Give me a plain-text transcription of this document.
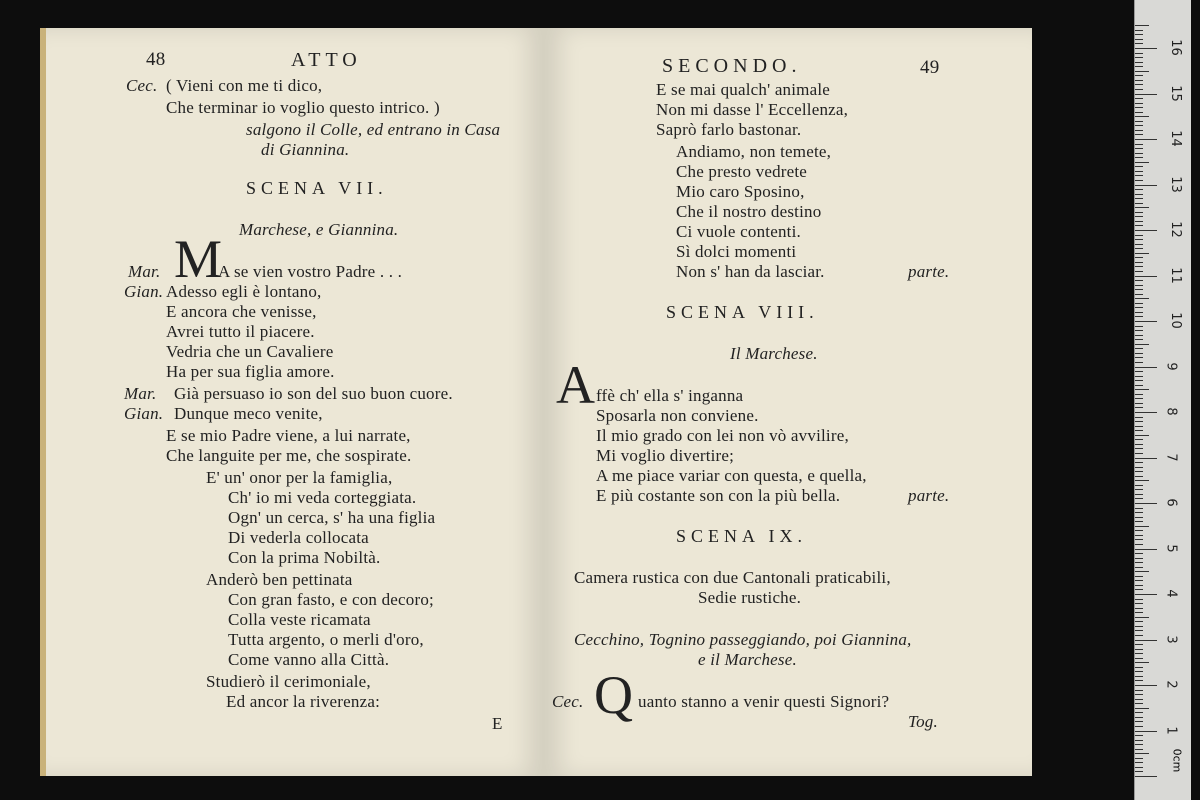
48	ATTO
Cec. ( Vieni con me ti dico,
Che terminar io voglio questo intrico. )
salgono il Colle, ed entrano in Casa
di Giannina.
SCENA VII.
Marchese, e Giannina.
Mar. M
A se vien vostro Padre . . .
Gian. Adesso egli è lontano,
E ancora che venisse,
Avrei tutto il piacere.
Vedria che un Cavaliere
Ha per sua figlia amore.
Mar. Già persuaso io son del suo buon cuore.
Gian. Dunque meco venite,
E se mio Padre viene, a lui narrate,
Che languite per me, che sospirate.
E' un' onor per la famiglia,
Ch' io mi veda corteggiata.
Ogn' un cerca, s' ha una figlia
Di vederla collocata
Con la prima Nobiltà.
Anderò ben pettinata
Con gran fasto, e con decoro;
Colla veste ricamata
Tutta argento, o merli d'oro,
Come vanno alla Città.
Studierò il cerimoniale,
Ed ancor la riverenza:
E
SECONDO.	49
E se mai qualch' animale
Non mi dasse l' Eccellenza,
Saprò farlo bastonar.
Andiamo, non temete,
Che presto vedrete
Mio caro Sposino,
Che il nostro destino
Ci vuole contenti.
Sì dolci momenti
Non s' han da lasciar.	parte.
SCENA VIII.
Il Marchese.
A ffè ch' ella s' inganna
Sposarla non conviene.
Il mio grado con lei non vò avvilire,
Mi voglio divertire;
A me piace variar con questa, e quella,
E più costante son con la più bella.	parte.
SCENA IX.
Camera rustica con due Cantonali praticabili,
Sedie rustiche.
Cecchino, Tognino passeggiando, poi Giannina,
e il Marchese.
Cec. Q uanto stanno a venir questi Signori?
Tog.
0cm
1
2
3
4
5
6
7
8
9
10
11
12
13
14
15
16
